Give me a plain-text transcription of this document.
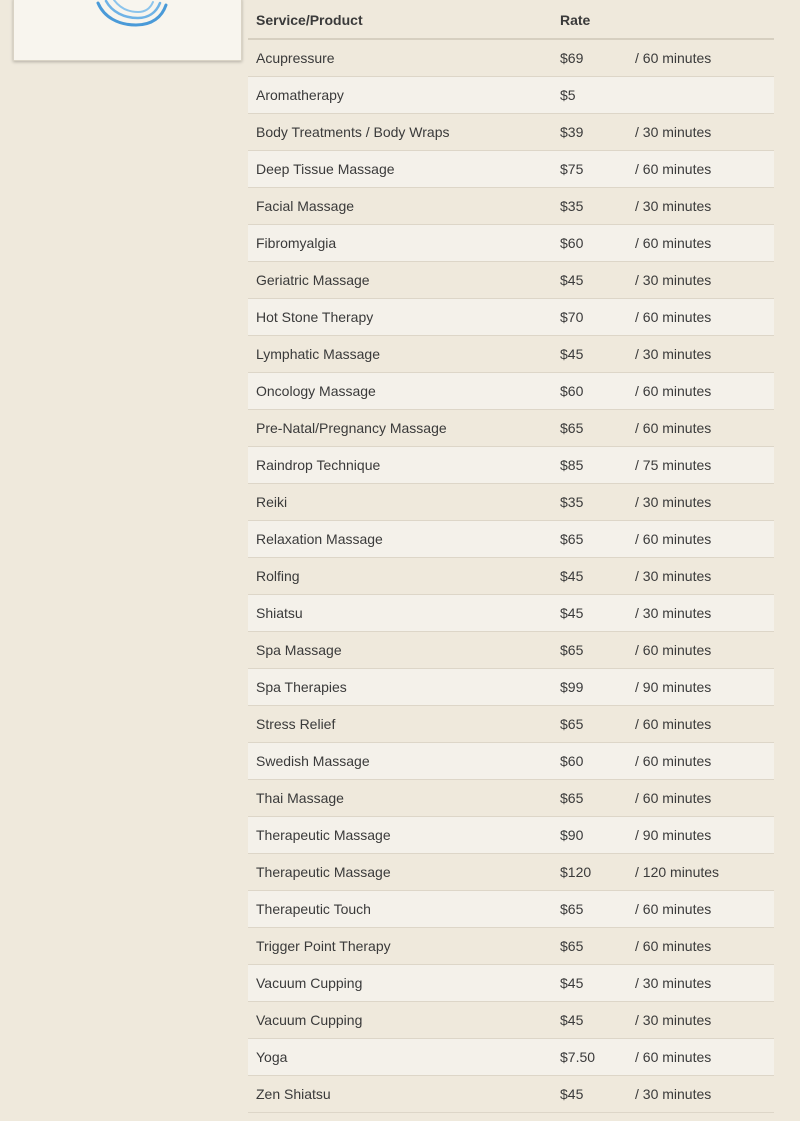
Service/Product	Rate
Acupressure	$69	/ 60 minutes
Aromatherapy	$5
Body Treatments / Body Wraps	$39	/ 30 minutes
Deep Tissue Massage	$75	/ 60 minutes
Facial Massage	$35	/ 30 minutes
Fibromyalgia	$60	/ 60 minutes
Geriatric Massage	$45	/ 30 minutes
Hot Stone Therapy	$70	/ 60 minutes
Lymphatic Massage	$45	/ 30 minutes
Oncology Massage	$60	/ 60 minutes
Pre-Natal/Pregnancy Massage	$65	/ 60 minutes
Raindrop Technique	$85	/ 75 minutes
Reiki	$35	/ 30 minutes
Relaxation Massage	$65	/ 60 minutes
Rolfing	$45	/ 30 minutes
Shiatsu	$45	/ 30 minutes
Spa Massage	$65	/ 60 minutes
Spa Therapies	$99	/ 90 minutes
Stress Relief	$65	/ 60 minutes
Swedish Massage	$60	/ 60 minutes
Thai Massage	$65	/ 60 minutes
Therapeutic Massage	$90	/ 90 minutes
Therapeutic Massage	$120	/ 120 minutes
Therapeutic Touch	$65	/ 60 minutes
Trigger Point Therapy	$65	/ 60 minutes
Vacuum Cupping	$45	/ 30 minutes
Vacuum Cupping	$45	/ 30 minutes
Yoga	$7.50	/ 60 minutes
Zen Shiatsu	$45	/ 30 minutes
